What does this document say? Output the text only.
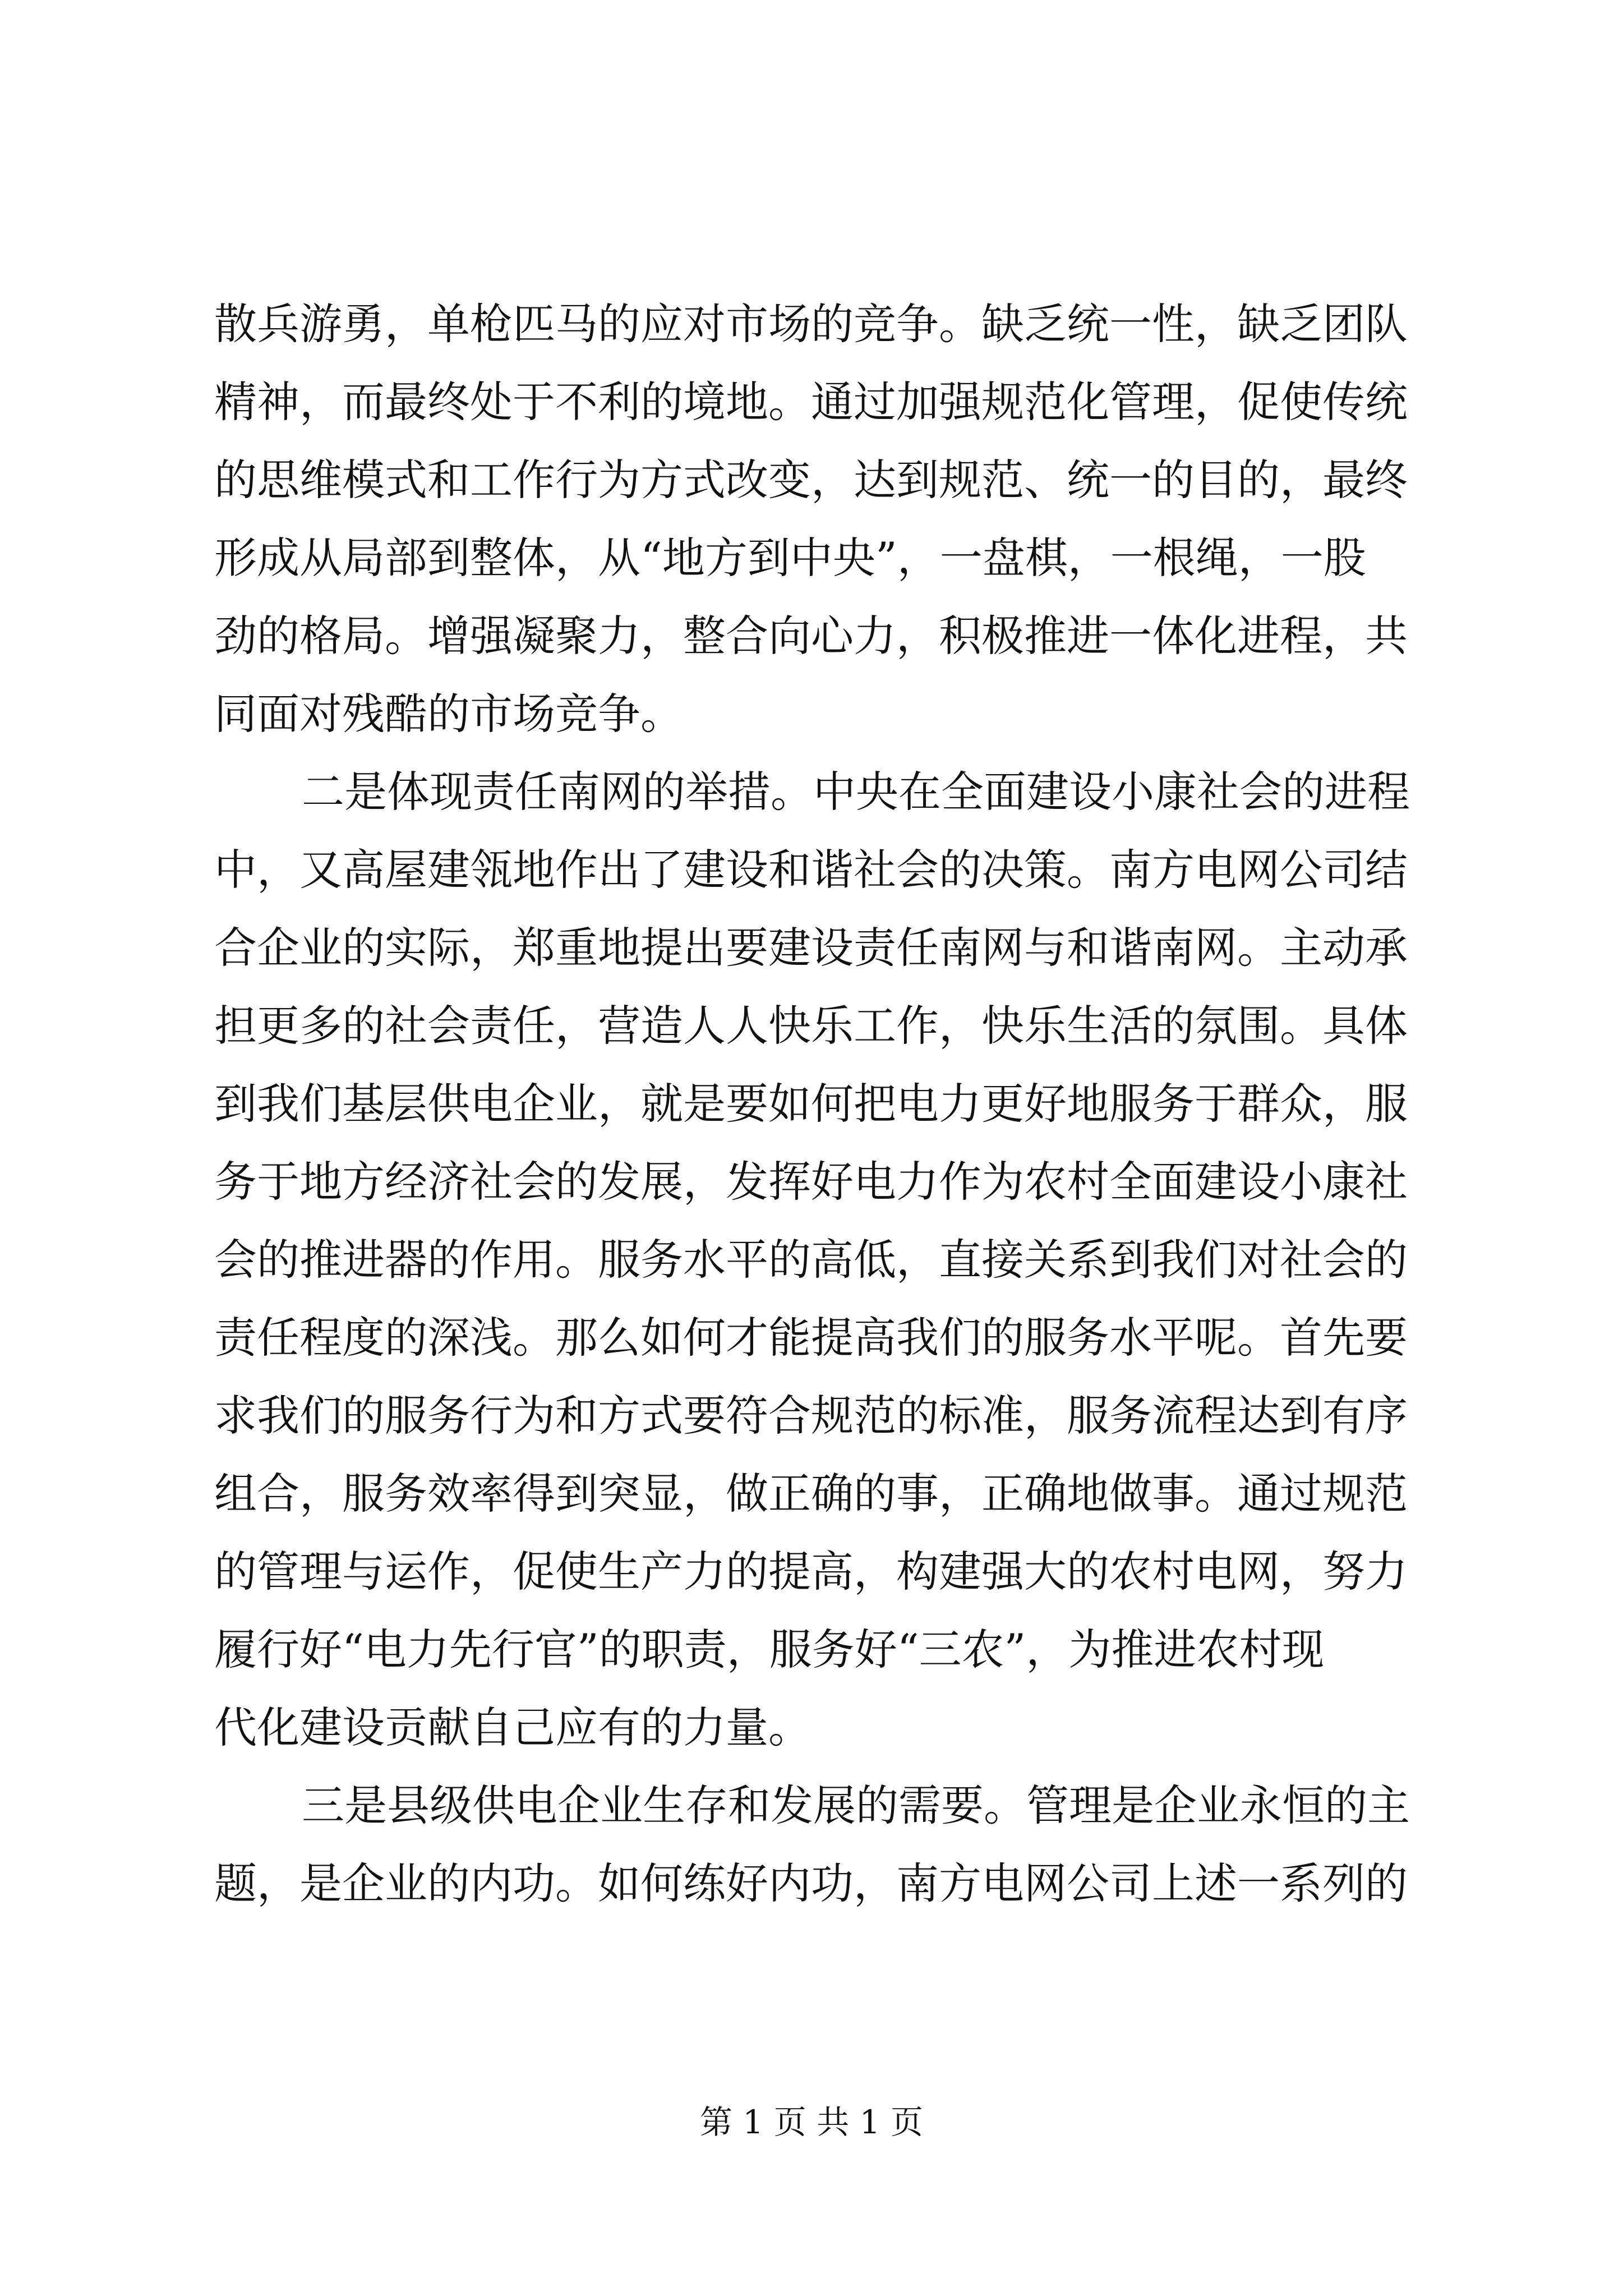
散兵游勇，单枪匹马的应对市场的竞争。缺乏统一性，缺乏团队
精神，而最终处于不利的境地。通过加强规范化管理，促使传统
的思维模式和工作行为方式改变，达到规范、统一的目的，最终
形成从局部到整体，从“地方到中央”，一盘棋，一根绳，一股
劲的格局。增强凝聚力，整合向心力，积极推进一体化进程，共
同面对残酷的市场竞争。
二是体现责任南网的举措。中央在全面建设小康社会的进程
中，又高屋建瓴地作出了建设和谐社会的决策。南方电网公司结
合企业的实际，郑重地提出要建设责任南网与和谐南网。主动承
担更多的社会责任，营造人人快乐工作，快乐生活的氛围。具体
到我们基层供电企业，就是要如何把电力更好地服务于群众，服
务于地方经济社会的发展，发挥好电力作为农村全面建设小康社
会的推进器的作用。服务水平的高低，直接关系到我们对社会的
责任程度的深浅。那么如何才能提高我们的服务水平呢。首先要
求我们的服务行为和方式要符合规范的标准，服务流程达到有序
组合，服务效率得到突显，做正确的事，正确地做事。通过规范
的管理与运作，促使生产力的提高，构建强大的农村电网，努力
履行好“电力先行官”的职责，服务好“三农”，为推进农村现
代化建设贡献自己应有的力量。
三是县级供电企业生存和发展的需要。管理是企业永恒的主
题，是企业的内功。如何练好内功，南方电网公司上述一系列的
第 1 页 共 1 页
